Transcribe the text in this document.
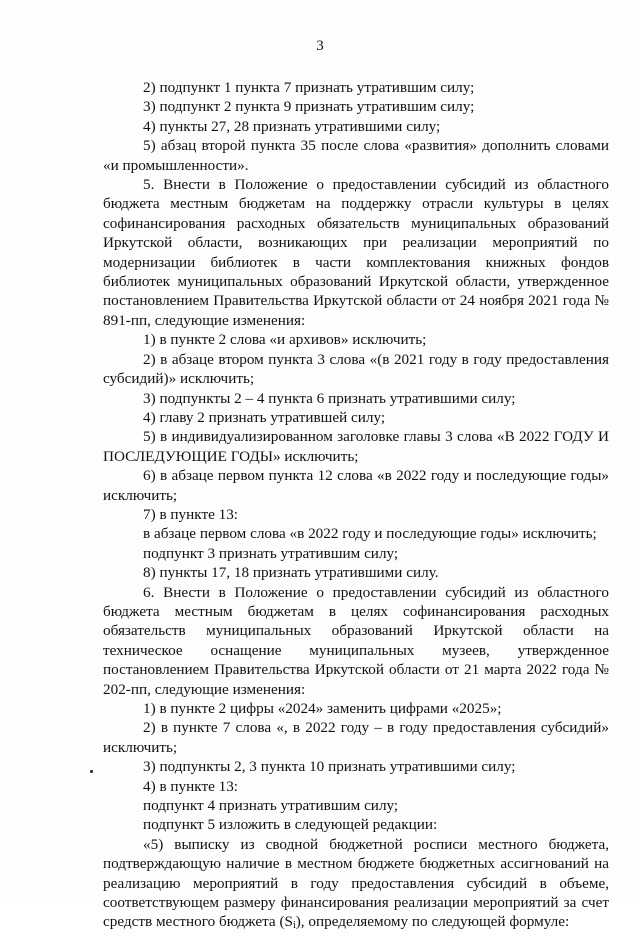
3

2) подпункт 1 пункта 7 признать утратившим силу;

3) подпункт 2 пункта 9 признать утратившим силу;

4) пункты 27, 28 признать утратившими силу;

5) абзац второй пункта 35 после слова «развития» дополнить словами «и промышленности».

5. Внести в Положение о предоставлении субсидий из областного бюджета местным бюджетам на поддержку отрасли культуры в целях софинансирования расходных обязательств муниципальных образований Иркутской области, возникающих при реализации мероприятий по модернизации библиотек в части комплектования книжных фондов библиотек муниципальных образований Иркутской области, утвержденное постановлением Правительства Иркутской области от 24 ноября 2021 года № 891-пп, следующие изменения:

1) в пункте 2 слова «и архивов» исключить;

2) в абзаце втором пункта 3 слова «(в 2021 году в году предоставления субсидий)» исключить;

3) подпункты 2 – 4 пункта 6 признать утратившими силу;

4) главу 2 признать утратившей силу;

5) в индивидуализированном заголовке главы 3 слова «В 2022 ГОДУ И ПОСЛЕДУЮЩИЕ ГОДЫ» исключить;

6) в абзаце первом пункта 12 слова «в 2022 году и последующие годы» исключить;

7) в пункте 13:

в абзаце первом слова «в 2022 году и последующие годы» исключить;

подпункт 3 признать утратившим силу;

8) пункты 17, 18 признать утратившими силу.

6. Внести в Положение о предоставлении субсидий из областного бюджета местным бюджетам в целях софинансирования расходных обязательств муниципальных образований Иркутской области на техническое оснащение муниципальных музеев, утвержденное постановлением Правительства Иркутской области от 21 марта 2022 года № 202-пп, следующие изменения:

1) в пункте 2 цифры «2024» заменить цифрами «2025»;

2) в пункте 7 слова «, в 2022 году – в году предоставления субсидий» исключить;

3) подпункты 2, 3 пункта 10 признать утратившими силу;

4) в пункте 13:

подпункт 4 признать утратившим силу;

подпункт 5 изложить в следующей редакции:

«5) выписку из сводной бюджетной росписи местного бюджета, подтверждающую наличие в местном бюджете бюджетных ассигнований на реализацию мероприятий в году предоставления субсидий в объеме, соответствующем размеру финансирования реализации мероприятий за счет средств местного бюджета $(S_i)$, определяемому по следующей формуле:
